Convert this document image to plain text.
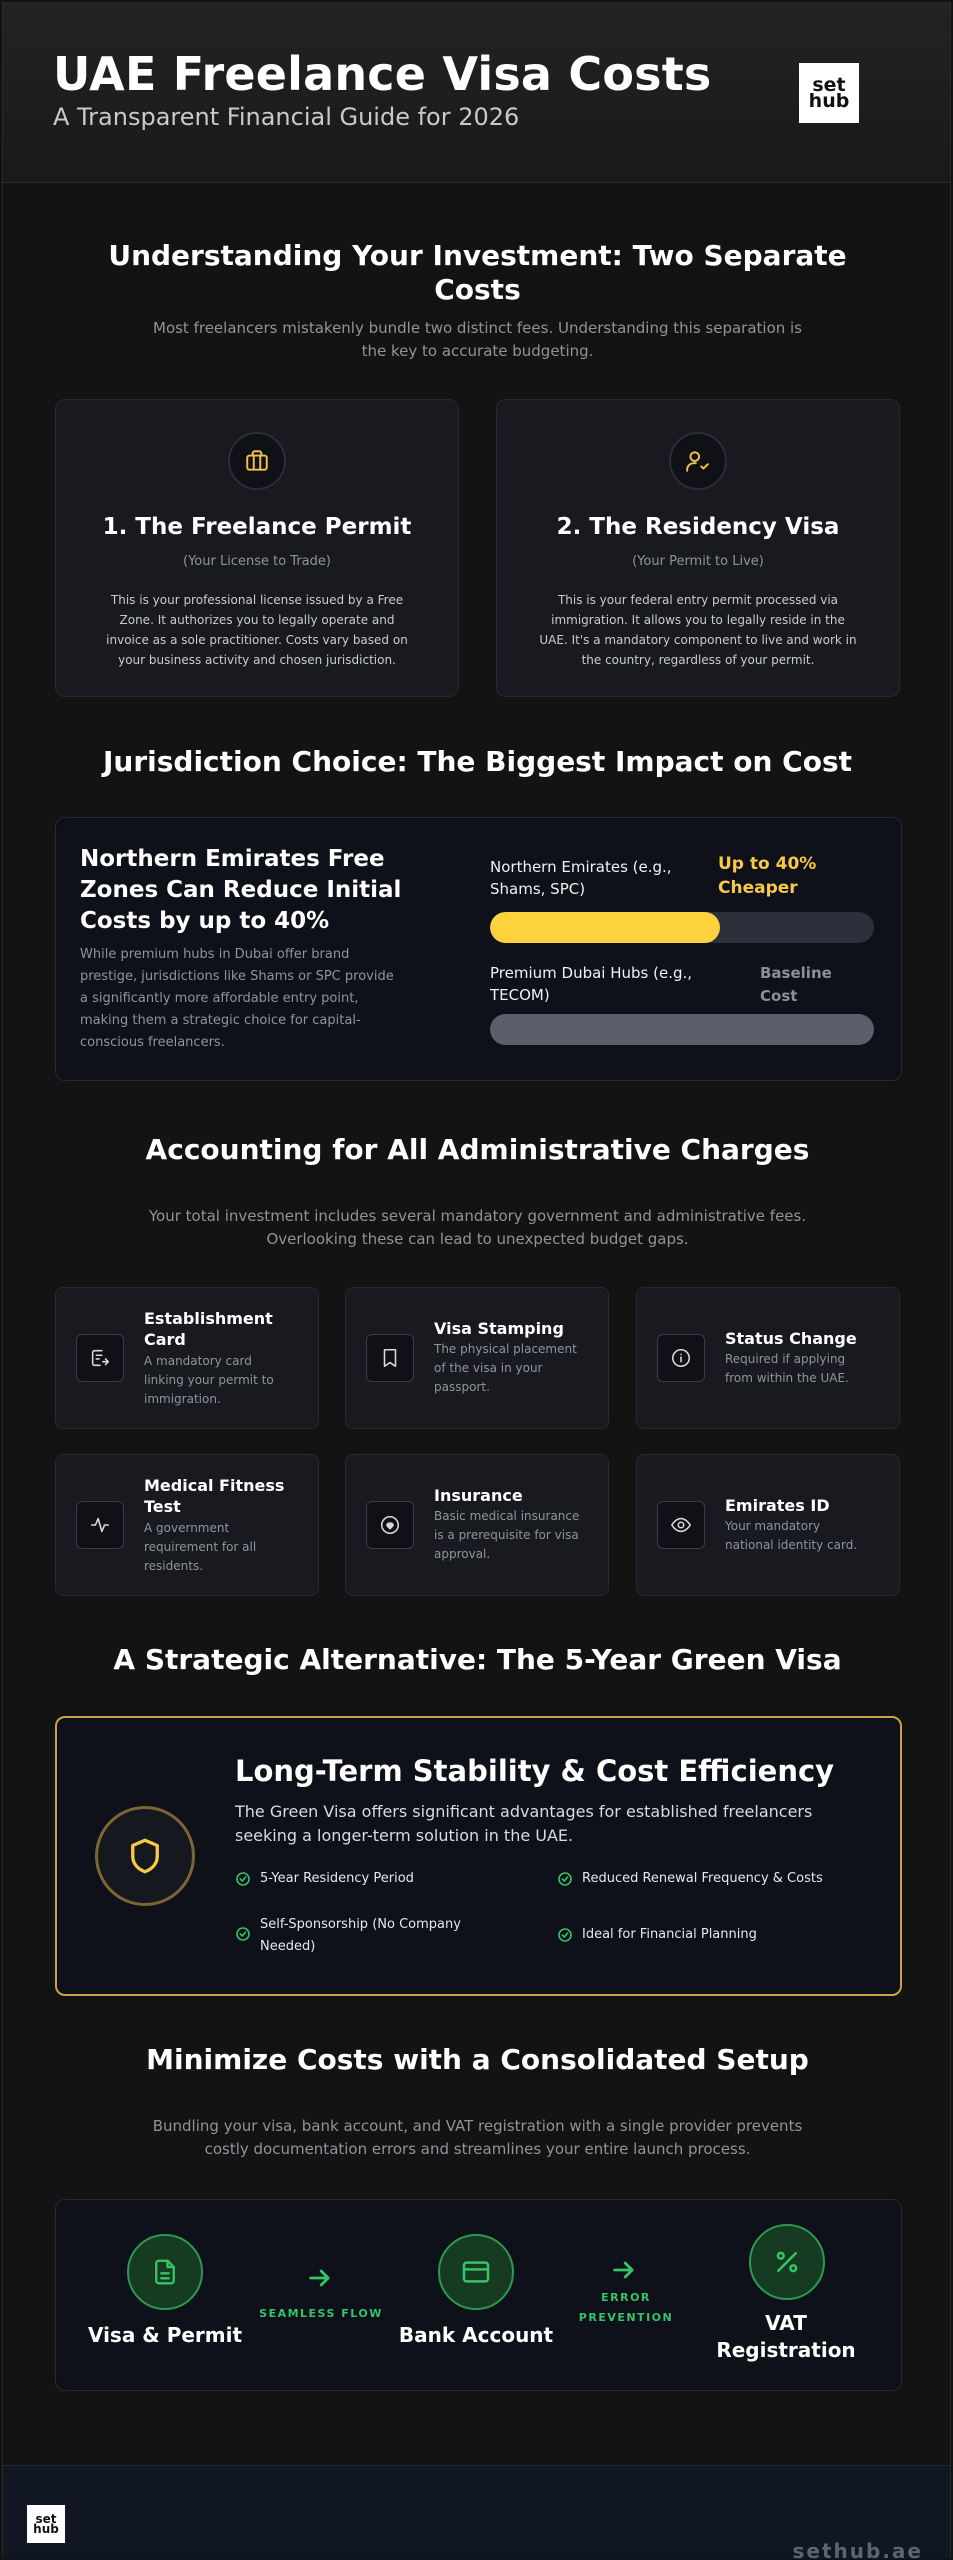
UAE Freelance Visa Costs
A Transparent Financial Guide for 2026
set
hub
Understanding Your Investment: Two Separate
Costs
Most freelancers mistakenly bundle two distinct fees. Understanding this separation is
the key to accurate budgeting.
1. The Freelance Permit
(Your License to Trade)
This is your professional license issued by a Free
Zone. It authorizes you to legally operate and
invoice as a sole practitioner. Costs vary based on
your business activity and chosen jurisdiction.
2. The Residency Visa
(Your Permit to Live)
This is your federal entry permit processed via
immigration. It allows you to legally reside in the
UAE. It's a mandatory component to live and work in
the country, regardless of your permit.
Jurisdiction Choice: The Biggest Impact on Cost
Northern Emirates Free
Zones Can Reduce Initial
Costs by up to 40%
While premium hubs in Dubai offer brand
prestige, jurisdictions like Shams or SPC provide
a significantly more affordable entry point,
making them a strategic choice for capital-
conscious freelancers.
Northern Emirates (e.g.,
Shams, SPC)
Up to 40%
Cheaper
Premium Dubai Hubs (e.g.,
TECOM)
Baseline
Cost
Accounting for All Administrative Charges
Your total investment includes several mandatory government and administrative fees.
Overlooking these can lead to unexpected budget gaps.
Establishment
Card
A mandatory card
linking your permit to
immigration.
Visa Stamping
The physical placement
of the visa in your
passport.
Status Change
Required if applying
from within the UAE.
Medical Fitness
Test
A government
requirement for all
residents.
Insurance
Basic medical insurance
is a prerequisite for visa
approval.
Emirates ID
Your mandatory
national identity card.
A Strategic Alternative: The 5-Year Green Visa
Long-Term Stability & Cost Efficiency
The Green Visa offers significant advantages for established freelancers
seeking a longer-term solution in the UAE.
5-Year Residency Period	Reduced Renewal Frequency & Costs
Self-Sponsorship (No Company
Needed)
Ideal for Financial Planning
Minimize Costs with a Consolidated Setup
Bundling your visa, bank account, and VAT registration with a single provider prevents
costly documentation errors and streamlines your entire launch process.
Visa & Permit
SEAMLESS FLOW
Bank Account
ERROR
PREVENTION	VAT
Registration
set
hub
sethub.ae
